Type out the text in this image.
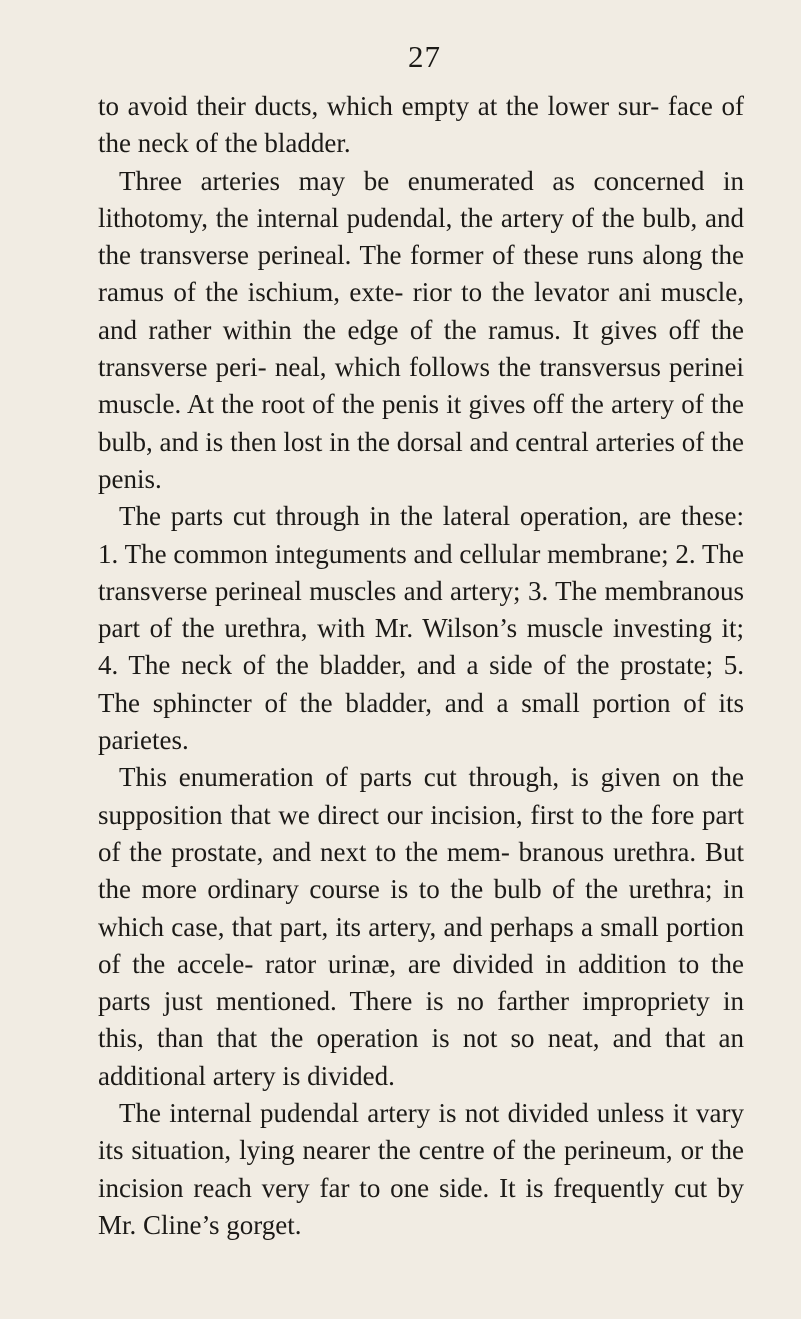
27

to avoid their ducts, which empty at the lower sur- face of the neck of the bladder.

Three arteries may be enumerated as concerned in lithotomy, the internal pudendal, the artery of the bulb, and the transverse perineal. The former of these runs along the ramus of the ischium, exte- rior to the levator ani muscle, and rather within the edge of the ramus. It gives off the transverse peri- neal, which follows the transversus perinei muscle. At the root of the penis it gives off the artery of the bulb, and is then lost in the dorsal and central arteries of the penis.

The parts cut through in the lateral operation, are these: 1. The common integuments and cellular membrane; 2. The transverse perineal muscles and artery; 3. The membranous part of the urethra, with Mr. Wilson’s muscle investing it; 4. The neck of the bladder, and a side of the prostate; 5. The sphincter of the bladder, and a small portion of its parietes.

This enumeration of parts cut through, is given on the supposition that we direct our incision, first to the fore part of the prostate, and next to the mem- branous urethra. But the more ordinary course is to the bulb of the urethra; in which case, that part, its artery, and perhaps a small portion of the accele- rator urinæ, are divided in addition to the parts just mentioned. There is no farther impropriety in this, than that the operation is not so neat, and that an additional artery is divided.

The internal pudendal artery is not divided unless it vary its situation, lying nearer the centre of the perineum, or the incision reach very far to one side. It is frequently cut by Mr. Cline’s gorget.
